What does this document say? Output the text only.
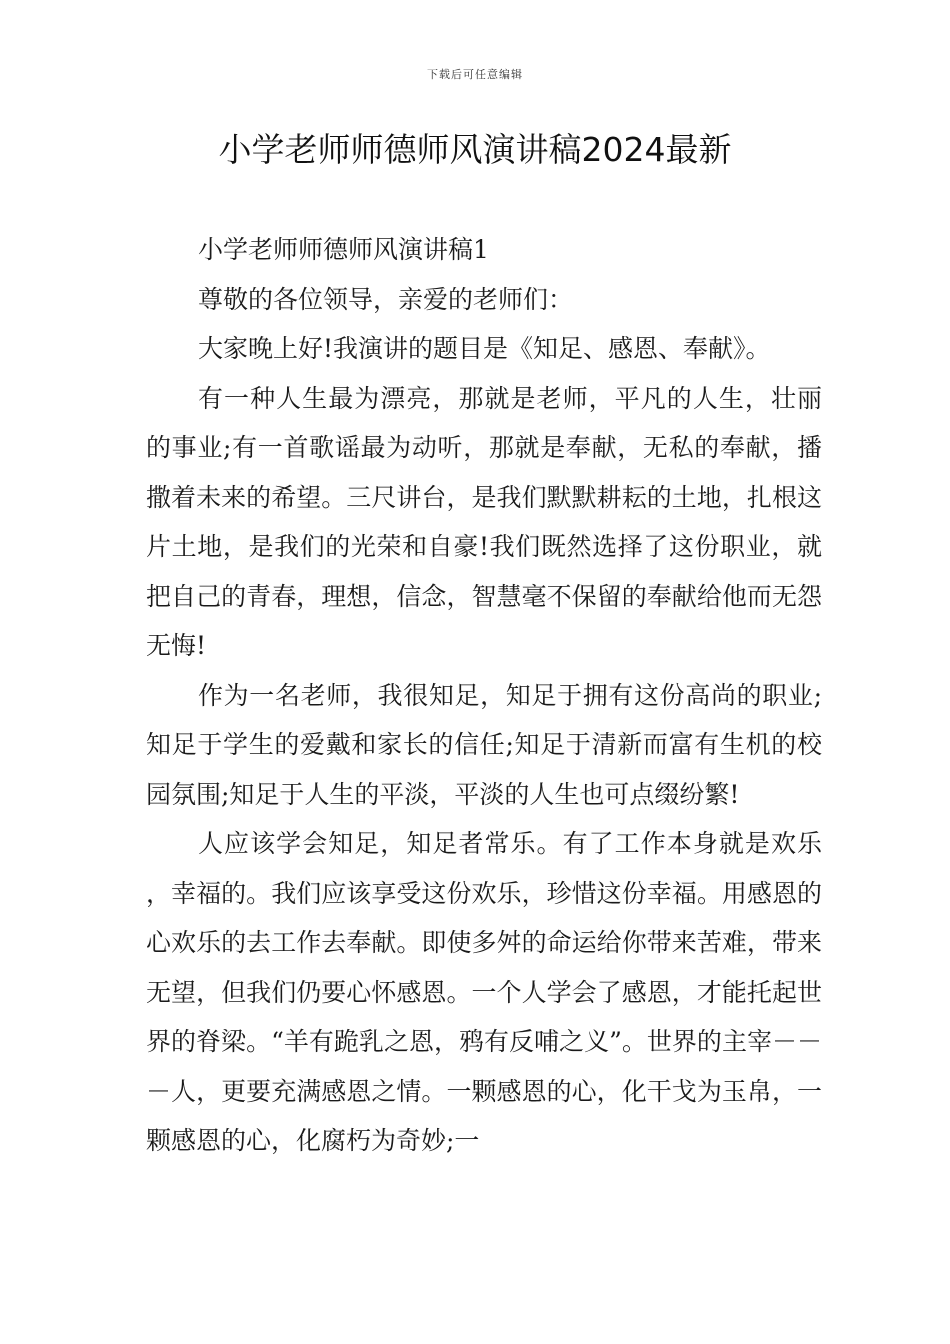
下载后可任意编辑
小学老师师德师风演讲稿2024最新

小学老师师德师风演讲稿1

尊敬的各位领导，亲爱的老师们：

大家晚上好!我演讲的题目是《知足、感恩、奉献》。

有一种人生最为漂亮，那就是老师，平凡的人生，壮丽的事业;有一首歌谣最为动听，那就是奉献，无私的奉献，播撒着未来的希望。三尺讲台，是我们默默耕耘的土地，扎根这片土地，是我们的光荣和自豪!我们既然选择了这份职业，就把自己的青春，理想，信念，智慧毫不保留的奉献给他而无怨无悔!

作为一名老师，我很知足，知足于拥有这份高尚的职业;知足于学生的爱戴和家长的信任;知足于清新而富有生机的校园氛围;知足于人生的平淡，平淡的人生也可点缀纷繁!

人应该学会知足，知足者常乐。有了工作本身就是欢乐，幸福的。我们应该享受这份欢乐，珍惜这份幸福。用感恩的心欢乐的去工作去奉献。即使多舛的命运给你带来苦难，带来无望，但我们仍要心怀感恩。一个人学会了感恩，才能托起世界的脊梁。“羊有跪乳之恩，鸦有反哺之义”。世界的主宰－－－人，更要充满感恩之情。一颗感恩的心，化干戈为玉帛，一颗感恩的心，化腐朽为奇妙;一
